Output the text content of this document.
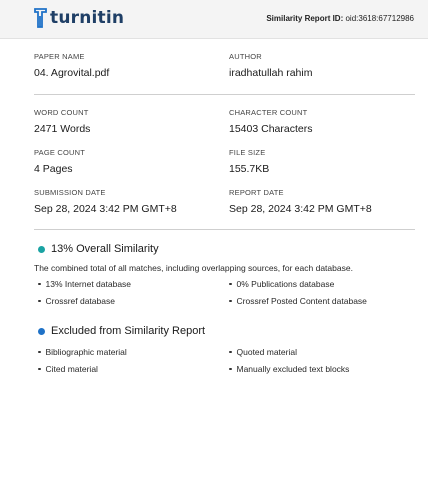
turnitin	Similarity Report ID: oid:3618:67712986
PAPER NAME
04. Agrovital.pdf
AUTHOR
iradhatullah rahim
WORD COUNT
2471 Words
CHARACTER COUNT
15403 Characters
PAGE COUNT
4 Pages
FILE SIZE
155.7KB
SUBMISSION DATE
Sep 28, 2024 3:42 PM GMT+8
REPORT DATE
Sep 28, 2024 3:42 PM GMT+8
13% Overall Similarity
The combined total of all matches, including overlapping sources, for each database.
13% Internet database	0% Publications database
Crossref database	Crossref Posted Content database
Excluded from Similarity Report
Bibliographic material	Quoted material
Cited material	Manually excluded text blocks
